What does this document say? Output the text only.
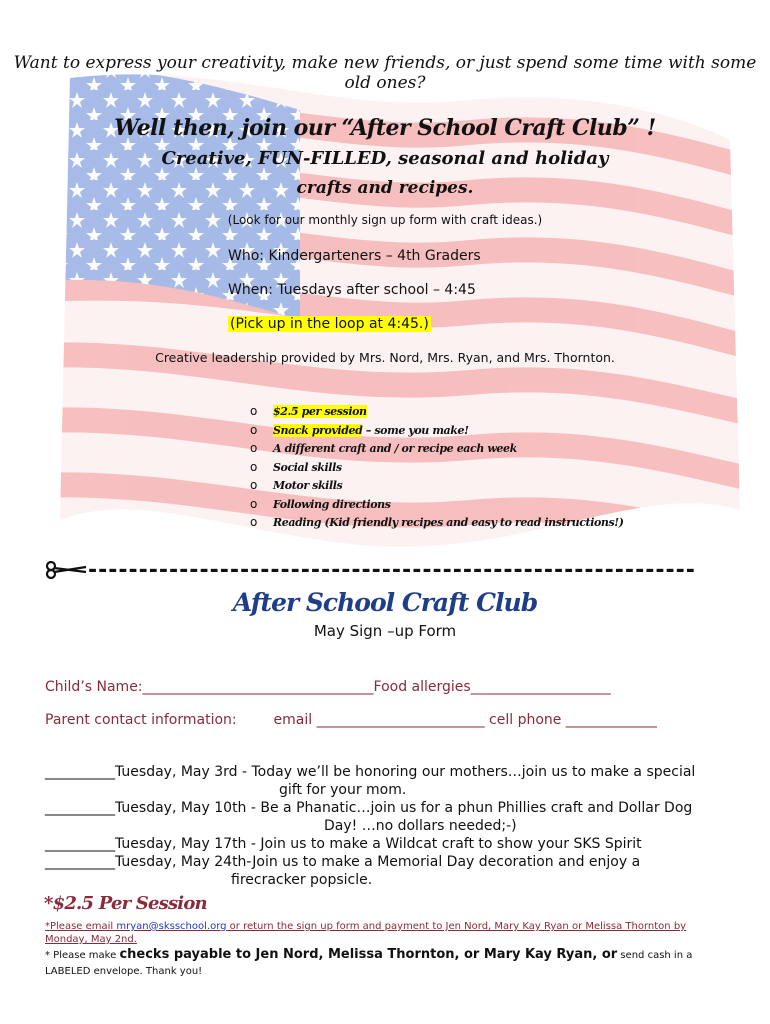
Want to express your creativity, make new friends, or just spend some time with some old ones?
Well then, join our “After School Craft Club” !
Creative, FUN-FILLED, seasonal and holiday
crafts and recipes.
(Look for our monthly sign up form with craft ideas.)
Who: Kindergarteners – 4th Graders
When: Tuesdays after school – 4:45
(Pick up in the loop at 4:45.)
Creative leadership provided by Mrs. Nord, Mrs. Ryan, and Mrs. Thornton.
o $2.5 per session
o Snack provided – some you make!
o A different craft and / or recipe each week
o Social skills
o Motor skills
o Following directions
o Reading (Kid friendly recipes and easy to read instructions!)
------------------------------------------------------------
After School Craft Club
May Sign –up Form
Child’s Name:_________________________________Food allergies____________________
Parent contact information:	email ________________________ cell phone _____________
__________Tuesday, May 3rd - Today we’ll be honoring our mothers…join us to make a special
gift for your mom.
__________Tuesday, May 10th - Be a Phanatic…join us for a phun Phillies craft and Dollar Dog
Day! …no dollars needed;-)
__________Tuesday, May 17th - Join us to make a Wildcat craft to show your SKS Spirit
__________Tuesday, May 24th-Join us to make a Memorial Day decoration and enjoy a
firecracker popsicle.
*$2.5 Per Session
*Please email mryan@sksschool.org or return the sign up form and payment to Jen Nord, Mary Kay Ryan or Melissa Thornton by Monday, May 2nd.
* Please make checks payable to Jen Nord, Melissa Thornton, or Mary Kay Ryan, or send cash in a LABELED envelope. Thank you!
